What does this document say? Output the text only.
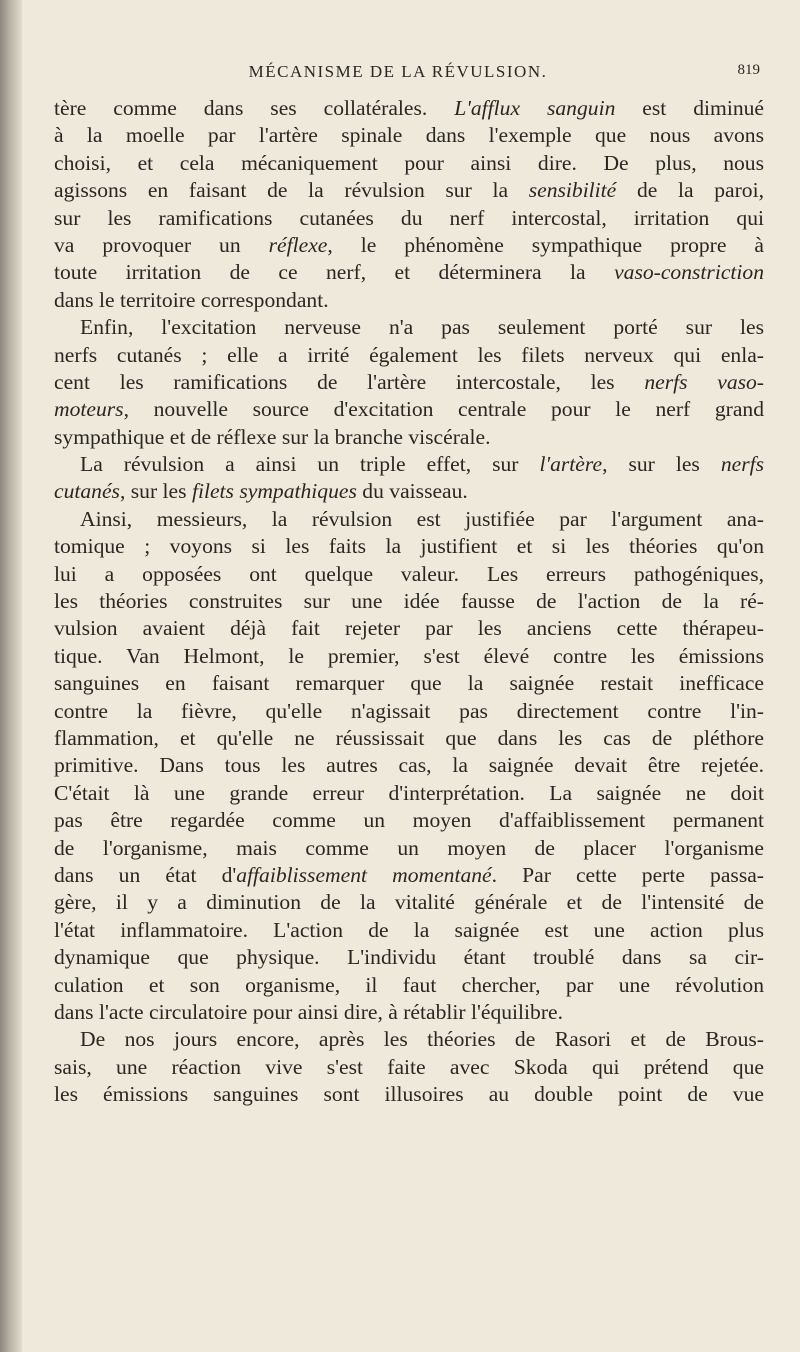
MÉCANISME DE LA RÉVULSION.	819
tère comme dans ses collatérales. L'afflux sanguin est diminué
à la moelle par l'artère spinale dans l'exemple que nous avons
choisi, et cela mécaniquement pour ainsi dire. De plus, nous
agissons en faisant de la révulsion sur la sensibilité de la paroi,
sur les ramifications cutanées du nerf intercostal, irritation qui
va provoquer un réflexe, le phénomène sympathique propre à
toute irritation de ce nerf, et déterminera la vaso-constriction
dans le territoire correspondant.
Enfin, l'excitation nerveuse n'a pas seulement porté sur les
nerfs cutanés ; elle a irrité également les filets nerveux qui enla-
cent les ramifications de l'artère intercostale, les nerfs vaso-
moteurs, nouvelle source d'excitation centrale pour le nerf grand
sympathique et de réflexe sur la branche viscérale.
La révulsion a ainsi un triple effet, sur l'artère, sur les nerfs
cutanés, sur les filets sympathiques du vaisseau.
Ainsi, messieurs, la révulsion est justifiée par l'argument ana-
tomique ; voyons si les faits la justifient et si les théories qu'on
lui a opposées ont quelque valeur. Les erreurs pathogéniques,
les théories construites sur une idée fausse de l'action de la ré-
vulsion avaient déjà fait rejeter par les anciens cette thérapeu-
tique. Van Helmont, le premier, s'est élevé contre les émissions
sanguines en faisant remarquer que la saignée restait inefficace
contre la fièvre, qu'elle n'agissait pas directement contre l'in-
flammation, et qu'elle ne réussissait que dans les cas de pléthore
primitive. Dans tous les autres cas, la saignée devait être rejetée.
C'était là une grande erreur d'interprétation. La saignée ne doit
pas être regardée comme un moyen d'affaiblissement permanent
de l'organisme, mais comme un moyen de placer l'organisme
dans un état d'affaiblissement momentané. Par cette perte passa-
gère, il y a diminution de la vitalité générale et de l'intensité de
l'état inflammatoire. L'action de la saignée est une action plus
dynamique que physique. L'individu étant troublé dans sa cir-
culation et son organisme, il faut chercher, par une révolution
dans l'acte circulatoire pour ainsi dire, à rétablir l'équilibre.
De nos jours encore, après les théories de Rasori et de Brous-
sais, une réaction vive s'est faite avec Skoda qui prétend que
les émissions sanguines sont illusoires au double point de vue
